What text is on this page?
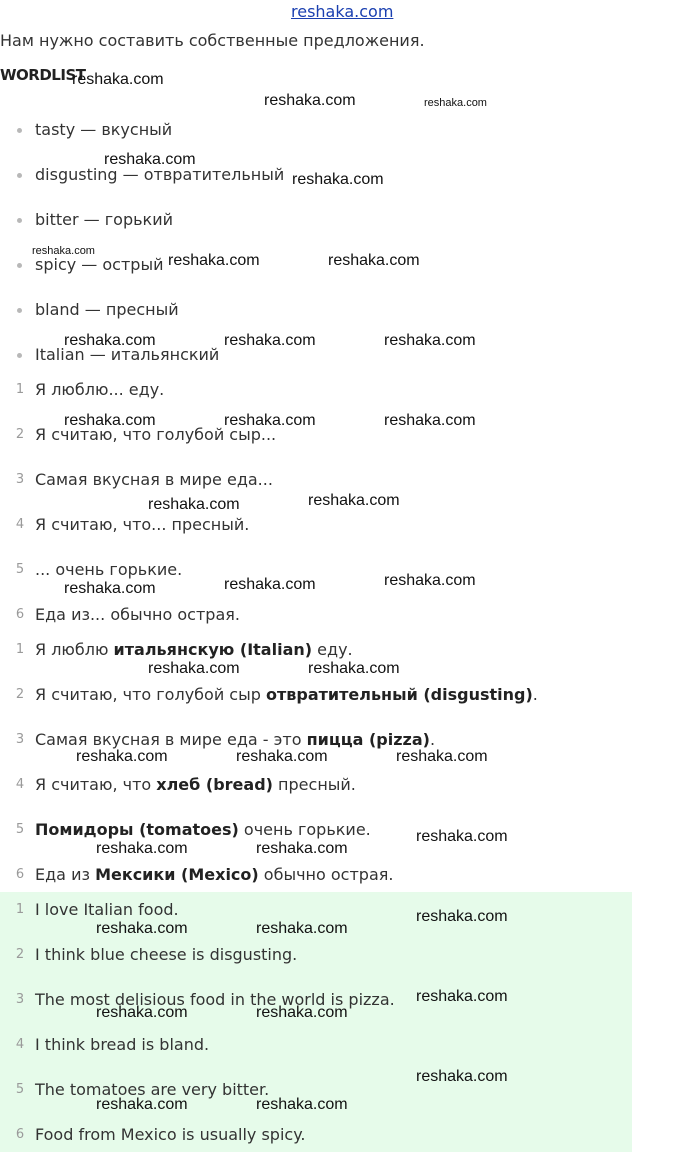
reshaka.com
Нам нужно составить собственные предложения.
WORDLIST
tasty — вкусный
disgusting — отвратительный
bitter — горький
spicy — острый
bland — пресный
Italian — итальянский
1 Я люблю... еду.
2 Я считаю, что голубой сыр...
3 Самая вкусная в мире еда...
4 Я считаю, что... пресный.
5 ... очень горькие.
6 Еда из... обычно острая.
1 Я люблю итальянскую (Italian) еду.
2 Я считаю, что голубой сыр отвратительный (disgusting).
3 Самая вкусная в мире еда - это пицца (pizza).
4 Я считаю, что хлеб (bread) пресный.
5 Помидоры (tomatoes) очень горькие.
6 Еда из Мексики (Mexico) обычно острая.
1 I love Italian food.
2 I think blue cheese is disgusting.
3 The most delisious food in the world is pizza.
4 I think bread is bland.
5 The tomatoes are very bitter.
6 Food from Mexico is usually spicy.
reshaka.com
reshaka.com	reshaka.com
reshaka.com
reshaka.com
reshaka.com
reshaka.com	reshaka.com
reshaka.com	reshaka.com	reshaka.com
reshaka.com	reshaka.com	reshaka.com
reshaka.com	reshaka.com
reshaka.com	reshaka.com	reshaka.com
reshaka.com	reshaka.com
reshaka.com	reshaka.com	reshaka.com
reshaka.com
reshaka.com	reshaka.com
reshaka.com
reshaka.com	reshaka.com
reshaka.com
reshaka.com	reshaka.com
reshaka.com
reshaka.com	reshaka.com
